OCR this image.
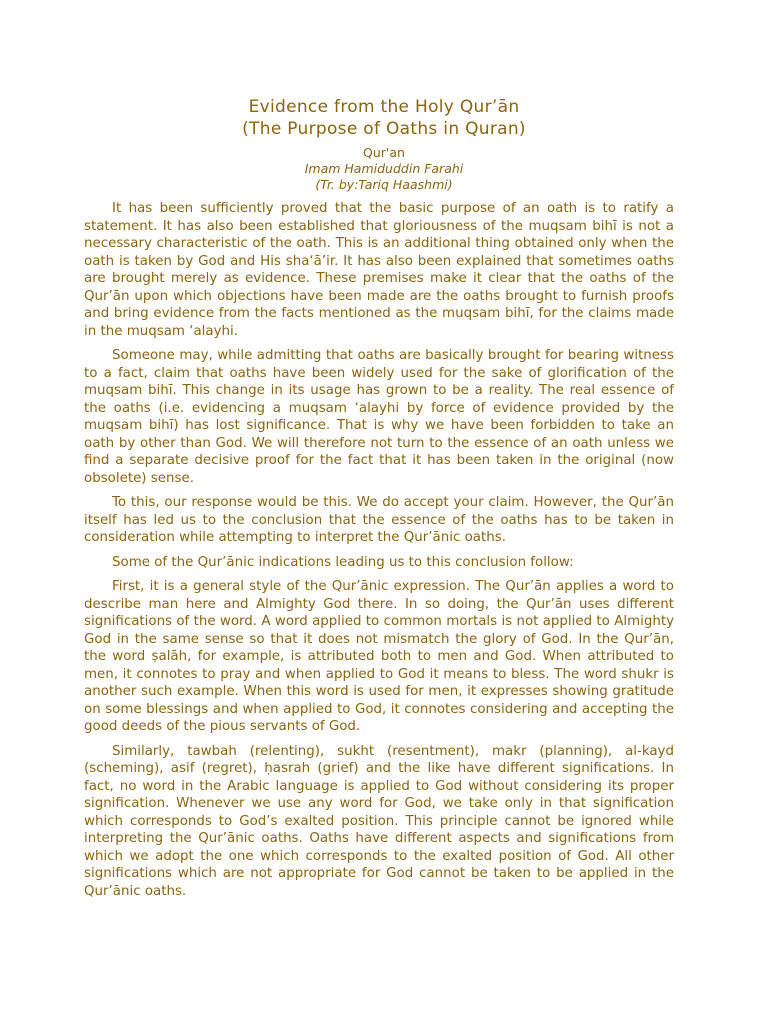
Evidence from the Holy Qur’ān
(The Purpose of Oaths in Quran)
Qur'an
Imam Hamiduddin Farahi
(Tr. by:Tariq Haashmi)

It has been sufficiently proved that the basic purpose of an oath is to ratify a statement. It has also been established that gloriousness of the muqsam bihī is not a necessary characteristic of the oath. This is an additional thing obtained only when the oath is taken by God and His sha‘ā’ir. It has also been explained that sometimes oaths are brought merely as evidence. These premises make it clear that the oaths of the Qur’ān upon which objections have been made are the oaths brought to furnish proofs and bring evidence from the facts mentioned as the muqsam bihī, for the claims made in the muqsam ‘alayhi.

Someone may, while admitting that oaths are basically brought for bearing witness to a fact, claim that oaths have been widely used for the sake of glorification of the muqsam bihī. This change in its usage has grown to be a reality. The real essence of the oaths (i.e. evidencing a muqsam ‘alayhi by force of evidence provided by the muqsam bihī) has lost significance. That is why we have been forbidden to take an oath by other than God. We will therefore not turn to the essence of an oath unless we find a separate decisive proof for the fact that it has been taken in the original (now obsolete) sense.

To this, our response would be this. We do accept your claim. However, the Qur’ān itself has led us to the conclusion that the essence of the oaths has to be taken in consideration while attempting to interpret the Qur’ānic oaths.

Some of the Qur’ānic indications leading us to this conclusion follow:

First, it is a general style of the Qur’ānic expression. The Qur’ān applies a word to describe man here and Almighty God there. In so doing, the Qur’ān uses different significations of the word. A word applied to common mortals is not applied to Almighty God in the same sense so that it does not mismatch the glory of God. In the Qur’ān, the word ṣalāh, for example, is attributed both to men and God. When attributed to men, it connotes to pray and when applied to God it means to bless. The word shukr is another such example. When this word is used for men, it expresses showing gratitude on some blessings and when applied to God, it connotes considering and accepting the good deeds of the pious servants of God.

Similarly, tawbah (relenting), sukht (resentment), makr (planning), al-kayd (scheming), asif (regret), ḥasrah (grief) and the like have different significations. In fact, no word in the Arabic language is applied to God without considering its proper signification. Whenever we use any word for God, we take only in that signification which corresponds to God’s exalted position. This principle cannot be ignored while interpreting the Qur’ānic oaths. Oaths have different aspects and significations from which we adopt the one which corresponds to the exalted position of God. All other significations which are not appropriate for God cannot be taken to be applied in the Qur’ānic oaths.
